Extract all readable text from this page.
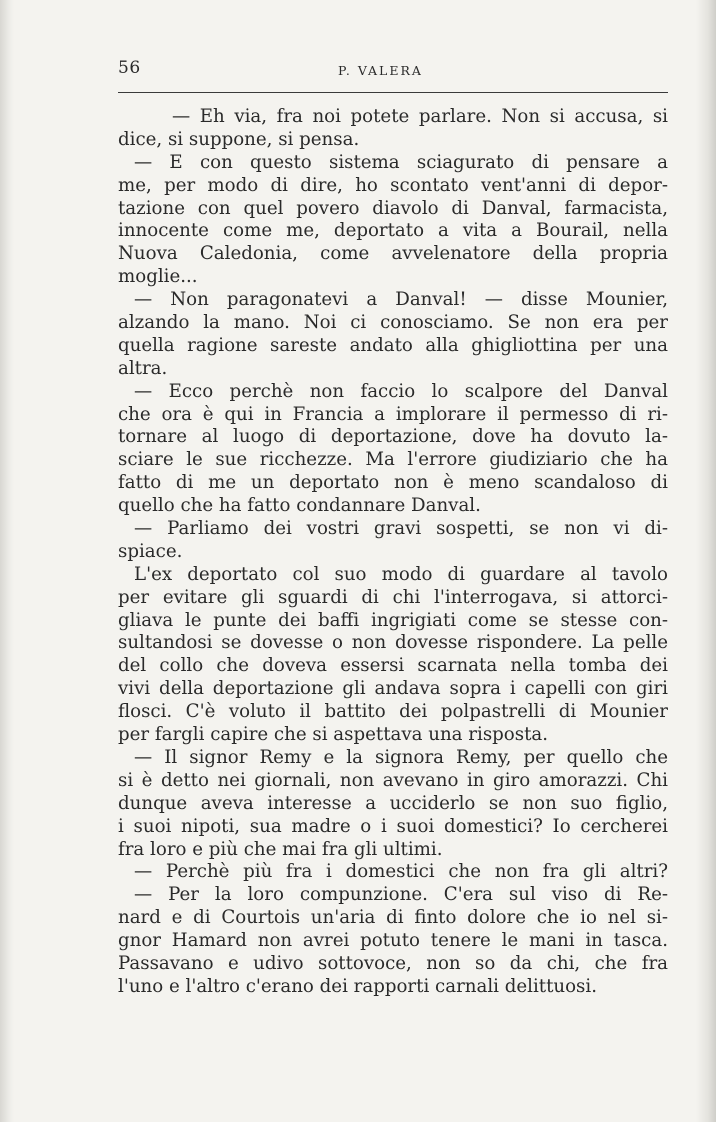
56	P. VALERA
— Eh via, fra noi potete parlare. Non si accusa, si
dice, si suppone, si pensa.
— E con questo sistema sciagurato di pensare a
me, per modo di dire, ho scontato vent'anni di depor-
tazione con quel povero diavolo di Danval, farmacista,
innocente come me, deportato a vita a Bourail, nella
Nuova Caledonia, come avvelenatore della propria
moglie...
— Non paragonatevi a Danval! — disse Mounier,
alzando la mano. Noi ci conosciamo. Se non era per
quella ragione sareste andato alla ghigliottina per una
altra.
— Ecco perchè non faccio lo scalpore del Danval
che ora è qui in Francia a implorare il permesso di ri-
tornare al luogo di deportazione, dove ha dovuto la-
sciare le sue ricchezze. Ma l'errore giudiziario che ha
fatto di me un deportato non è meno scandaloso di
quello che ha fatto condannare Danval.
— Parliamo dei vostri gravi sospetti, se non vi di-
spiace.
L'ex deportato col suo modo di guardare al tavolo
per evitare gli sguardi di chi l'interrogava, si attorci-
gliava le punte dei baffi ingrigiati come se stesse con-
sultandosi se dovesse o non dovesse rispondere. La pelle
del collo che doveva essersi scarnata nella tomba dei
vivi della deportazione gli andava sopra i capelli con giri
flosci. C'è voluto il battito dei polpastrelli di Mounier
per fargli capire che si aspettava una risposta.
— Il signor Remy e la signora Remy, per quello che
si è detto nei giornali, non avevano in giro amorazzi. Chi
dunque aveva interesse a ucciderlo se non suo figlio,
i suoi nipoti, sua madre o i suoi domestici? Io cercherei
fra loro e più che mai fra gli ultimi.
— Perchè più fra i domestici che non fra gli altri?
— Per la loro compunzione. C'era sul viso di Re-
nard e di Courtois un'aria di finto dolore che io nel si-
gnor Hamard non avrei potuto tenere le mani in tasca.
Passavano e udivo sottovoce, non so da chi, che fra
l'uno e l'altro c'erano dei rapporti carnali delittuosi.
